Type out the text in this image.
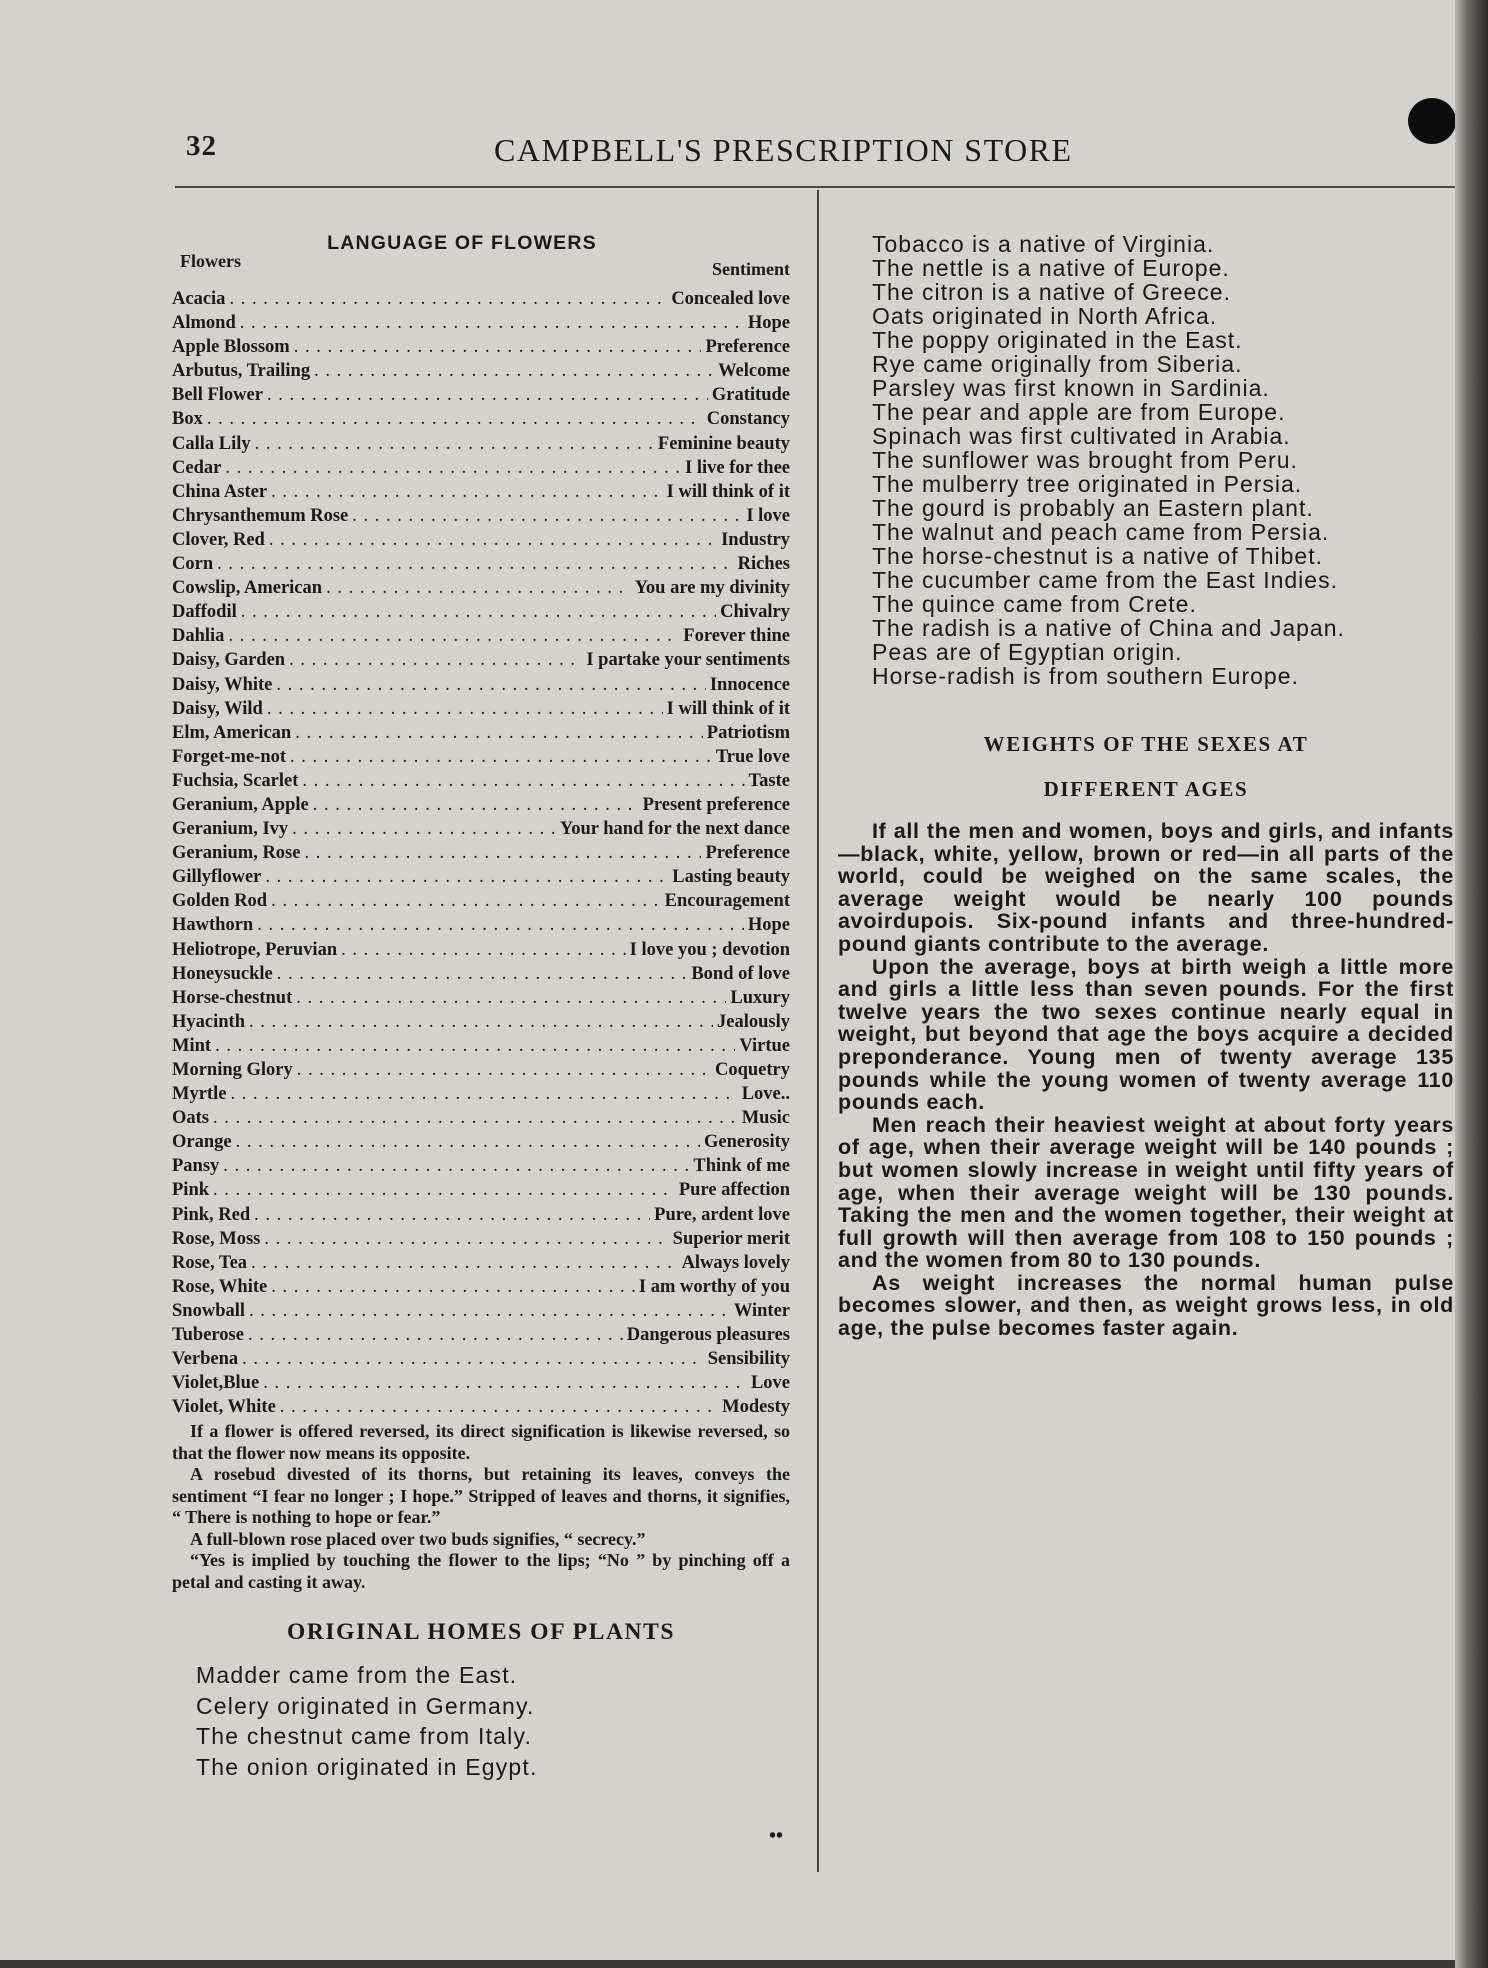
32	CAMPBELL'S PRESCRIPTION STORE
LANGUAGE OF FLOWERS
Flowers	Sentiment
Acacia . . .	Concealed love
Almond . . .	Hope
Apple Blossom . . .	Preference
Arbutus, Trailing . . .	Welcome
Bell Flower . . .	Gratitude
Box . . .	Constancy
Calla Lily . . .	Feminine beauty
Cedar . . .	I live for thee
China Aster . . .	I will think of it
Chrysanthemum Rose . . .	I love
Clover, Red . . .	Industry
Corn . . .	Riches
Cowslip, American . . .	You are my divinity
Daffodil . . .	Chivalry
Dahlia . . .	Forever thine
Daisy, Garden . . .	I partake your sentiments
Daisy, White . . .	Innocence
Daisy, Wild . . .	I will think of it
Elm, American . . .	Patriotism
Forget-me-not . . .	True love
Fuchsia, Scarlet . . .	Taste
Geranium, Apple . . .	Present preference
Geranium, Ivy . . .	Your hand for the next dance
Geranium, Rose . . .	Preference
Gillyflower . . .	Lasting beauty
Golden Rod . . .	Encouragement
Hawthorn . . .	Hope
Heliotrope, Peruvian . . .	I love you ; devotion
Honeysuckle . . .	Bond of love
Horse-chestnut . . .	Luxury
Hyacinth . . .	Jealously
Mint . . .	Virtue
Morning Glory . . .	Coquetry
Myrtle . . .	Love..
Oats . . .	Music
Orange . . .	Generosity
Pansy . . .	Think of me
Pink . . .	Pure affection
Pink, Red . . .	Pure, ardent love
Rose, Moss . . .	Superior merit
Rose, Tea . . .	Always lovely
Rose, White . . .	I am worthy of you
Snowball . . .	Winter
Tuberose . . .	Dangerous pleasures
Verbena . . .	Sensibility
Violet,Blue . . .	Love
Violet, White . . .	Modesty

If a flower is offered reversed, its direct signification is likewise reversed, so that the flower now means its opposite.

A rosebud divested of its thorns, but retaining its leaves, conveys the sentiment “I fear no longer ; I hope.” Stripped of leaves and thorns, it signifies, “ There is nothing to hope or fear.”

A full-blown rose placed over two buds signifies, “ secrecy.”

“Yes is implied by touching the flower to the lips; “No ” by pinching off a petal and casting it away.

ORIGINAL HOMES OF PLANTS
Madder came from the East.
Celery originated in Germany.
The chestnut came from Italy.
The onion originated in Egypt.

Tobacco is a native of Virginia.

The nettle is a native of Europe.

The citron is a native of Greece.

Oats originated in North Africa.

The poppy originated in the East.

Rye came originally from Siberia.

Parsley was first known in Sardinia.

The pear and apple are from Europe.

Spinach was first cultivated in Arabia.

The sunflower was brought from Peru.

The mulberry tree originated in Persia.

The gourd is probably an Eastern plant.

The walnut and peach came from Persia.

The horse-chestnut is a native of Thibet.

The cucumber came from the East Indies.

The quince came from Crete.

The radish is a native of China and Japan.

Peas are of Egyptian origin.

Horse-radish is from southern Europe.

WEIGHTS OF THE SEXES AT
DIFFERENT AGES

If all the men and women, boys and girls, and infants—black, white, yellow, brown or red—in all parts of the world, could be weighed on the same scales, the average weight would be nearly 100 pounds avoirdupois. Six-pound infants and three-hundred-pound giants contribute to the average.

Upon the average, boys at birth weigh a little more and girls a little less than seven pounds. For the first twelve years the two sexes continue nearly equal in weight, but beyond that age the boys acquire a decided preponderance. Young men of twenty average 135 pounds while the young women of twenty average 110 pounds each.

Men reach their heaviest weight at about forty years of age, when their average weight will be 140 pounds ; but women slowly increase in weight until fifty years of age, when their average weight will be 130 pounds. Taking the men and the women together, their weight at full growth will then average from 108 to 150 pounds ; and the women from 80 to 130 pounds.

As weight increases the normal human pulse becomes slower, and then, as weight grows less, in old age, the pulse becomes faster again.

••
